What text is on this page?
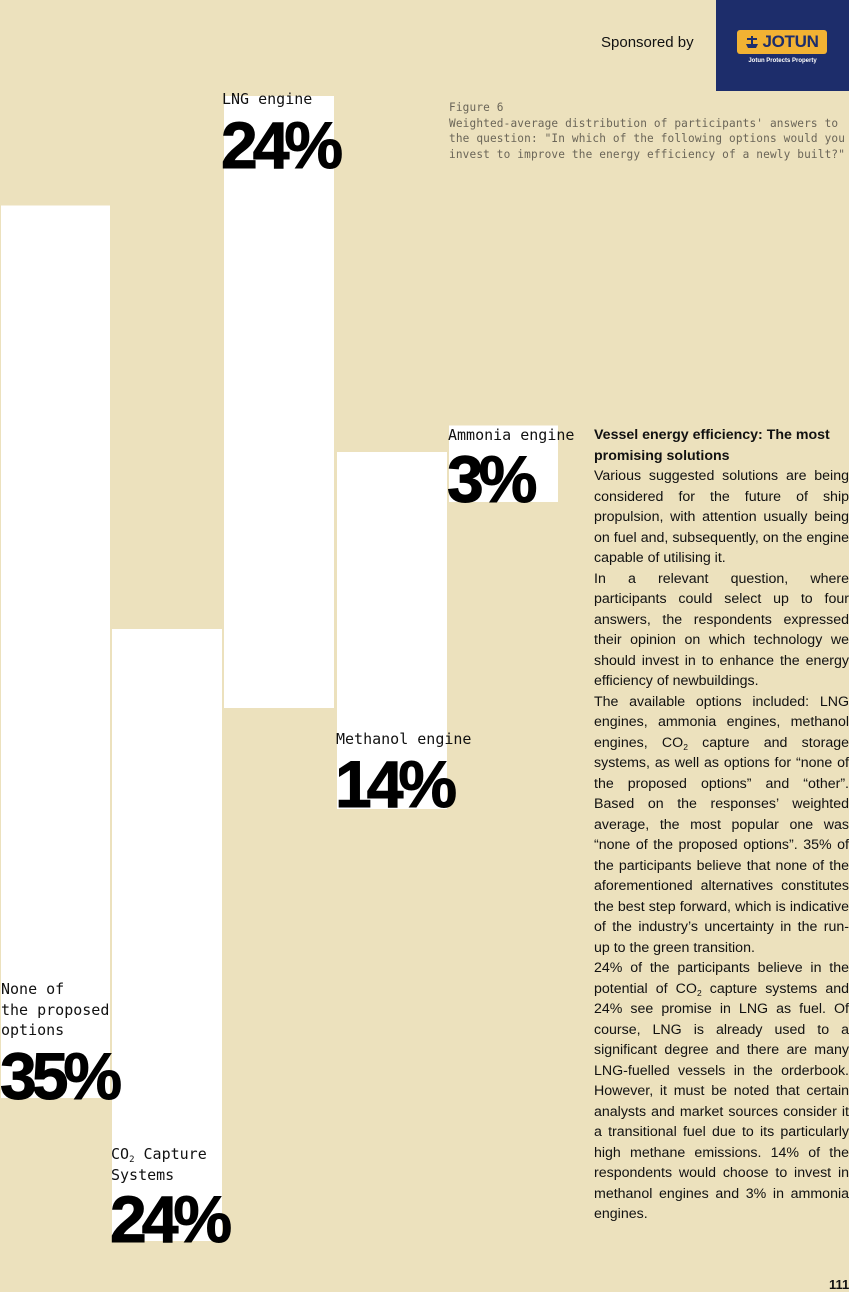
Sponsored by	JOTUN
Jotun Protects Property
Figure 6
Weighted-average distribution of participants' answers to the question: "In which of the following options would you invest to improve the energy efficiency of a newly built?"
None of
the proposed
options
35%
$CO_2$ Capture
Systems
24%
LNG engine
24%
Methanol engine
14%
Ammonia engine
3%
Vessel energy efficiency: The most promising solutions

Various suggested solutions are being considered for the future of ship propulsion, with attention usually being on fuel and, subsequently, on the engine capable of utilising it.

In a relevant question, where participants could select up to four answers, the respondents expressed their opinion on which technology we should invest in to enhance the energy efficiency of newbuildings.

The available options included: LNG engines, ammonia engines, methanol engines, $CO_2$ capture and storage systems, as well as options for “none of the proposed options” and “other”. Based on the responses’ weighted average, the most popular one was “none of the proposed options”. 35% of the participants believe that none of the aforementioned alternatives constitutes the best step forward, which is indicative of the industry’s uncertainty in the run-up to the green transition.

24% of the participants believe in the potential of $CO_2$ capture systems and 24% see promise in LNG as fuel. Of course, LNG is already used to a significant degree and there are many LNG-fuelled vessels in the orderbook. However, it must be noted that certain analysts and market sources consider it a transitional fuel due to its particularly high methane emissions. 14% of the respondents would choose to invest in methanol engines and 3% in ammonia engines.

111
